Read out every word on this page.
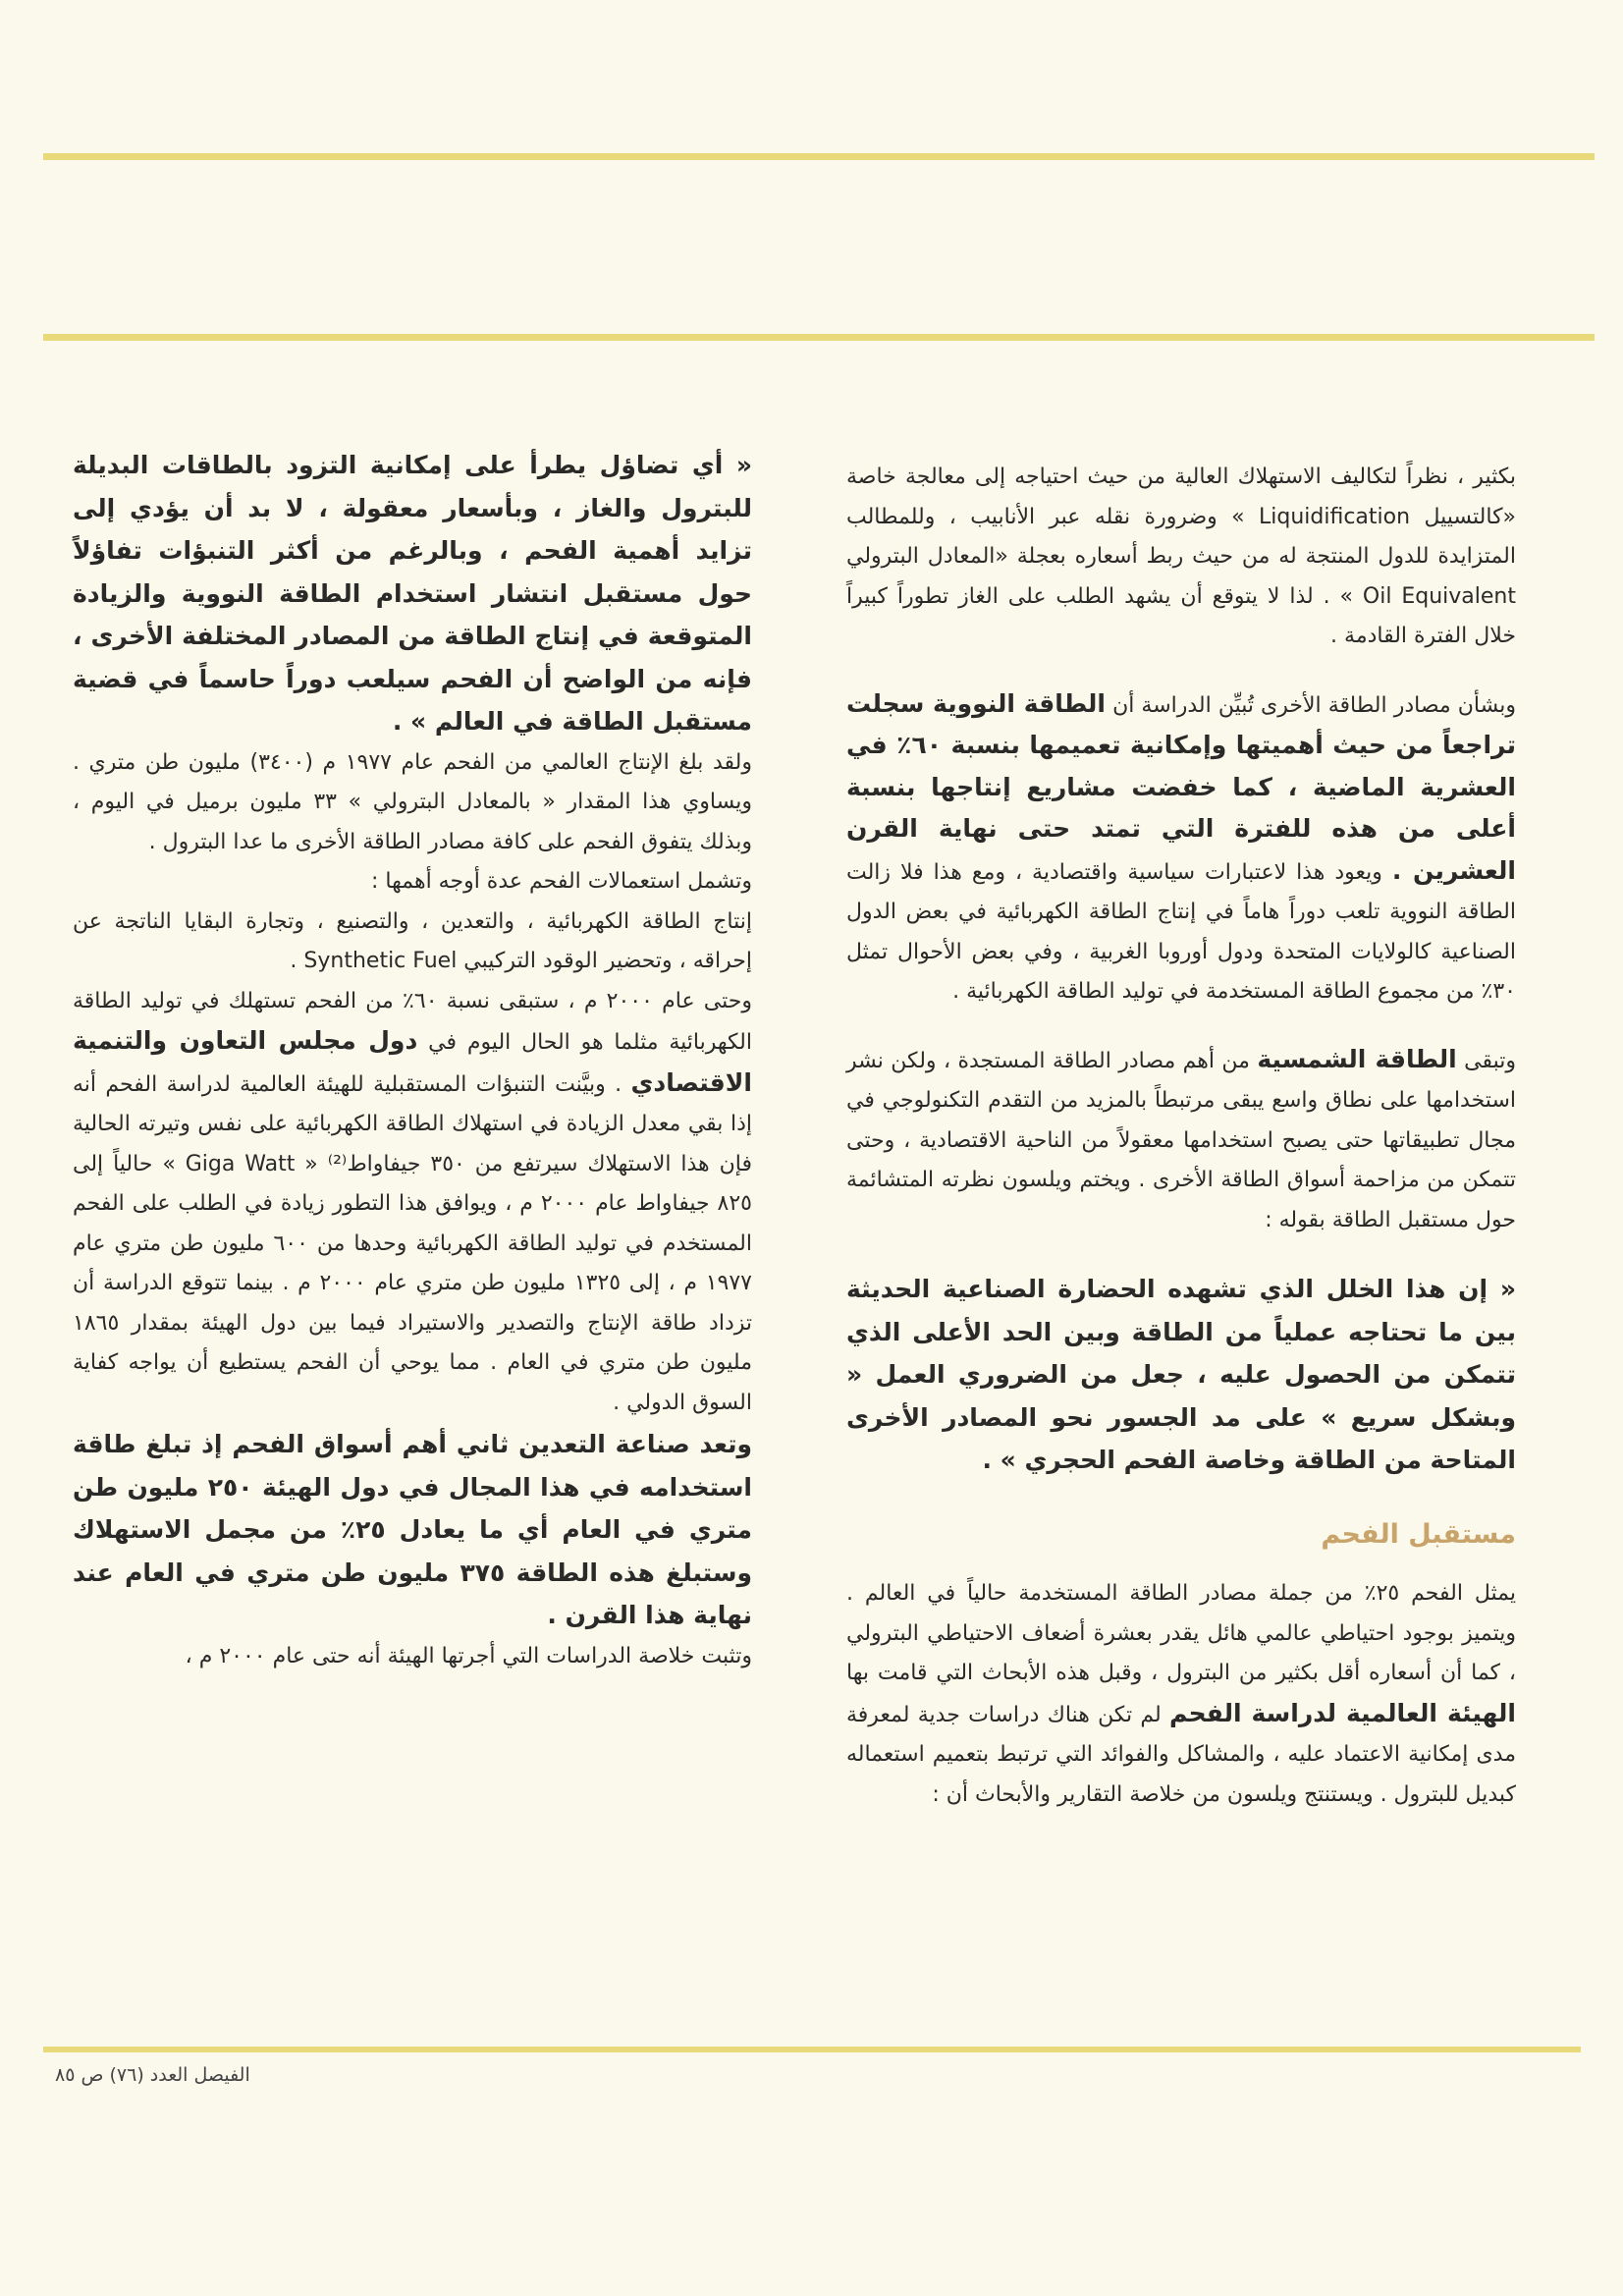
بكثير ، نظراً لتكاليف الاستهلاك العالية من حيث احتياجه إلى معالجة خاصة «كالتسييل Liquidification » وضرورة نقله عبر الأنابيب ، وللمطالب المتزايدة للدول المنتجة له من حيث ربط أسعاره بعجلة «المعادل البترولي Oil Equivalent » . لذا لا يتوقع أن يشهد الطلب على الغاز تطوراً كبيراً خلال الفترة القادمة .

وبشأن مصادر الطاقة الأخرى تُبيِّن الدراسة أن الطاقة النووية سجلت تراجعاً من حيث أهميتها وإمكانية تعميمها بنسبة ٦٠٪ في العشرية الماضية ، كما خفضت مشاريع إنتاجها بنسبة أعلى من هذه للفترة التي تمتد حتى نهاية القرن العشرين . ويعود هذا لاعتبارات سياسية واقتصادية ، ومع هذا فلا زالت الطاقة النووية تلعب دوراً هاماً في إنتاج الطاقة الكهربائية في بعض الدول الصناعية كالولايات المتحدة ودول أوروبا الغربية ، وفي بعض الأحوال تمثل ٣٠٪ من مجموع الطاقة المستخدمة في توليد الطاقة الكهربائية .

وتبقى الطاقة الشمسية من أهم مصادر الطاقة المستجدة ، ولكن نشر استخدامها على نطاق واسع يبقى مرتبطاً بالمزيد من التقدم التكنولوجي في مجال تطبيقاتها حتى يصبح استخدامها معقولاً من الناحية الاقتصادية ، وحتى تتمكن من مزاحمة أسواق الطاقة الأخرى . ويختم ويلسون نظرته المتشائمة حول مستقبل الطاقة بقوله :

« إن هذا الخلل الذي تشهده الحضارة الصناعية الحديثة بين ما تحتاجه عملياً من الطاقة وبين الحد الأعلى الذي تتمكن من الحصول عليه ، جعل من الضروري العمل « وبشكل سريع » على مد الجسور نحو المصادر الأخرى المتاحة من الطاقة وخاصة الفحم الحجري » .

مستقبل الفحم

يمثل الفحم ٢٥٪ من جملة مصادر الطاقة المستخدمة حالياً في العالم . ويتميز بوجود احتياطي عالمي هائل يقدر بعشرة أضعاف الاحتياطي البترولي ، كما أن أسعاره أقل بكثير من البترول ، وقبل هذه الأبحاث التي قامت بها الهيئة العالمية لدراسة الفحم لم تكن هناك دراسات جدية لمعرفة مدى إمكانية الاعتماد عليه ، والمشاكل والفوائد التي ترتبط بتعميم استعماله كبديل للبترول . ويستنتج ويلسون من خلاصة التقارير والأبحاث أن :

« أي تضاؤل يطرأ على إمكانية التزود بالطاقات البديلة للبترول والغاز ، وبأسعار معقولة ، لا بد أن يؤدي إلى تزايد أهمية الفحم ، وبالرغم من أكثر التنبؤات تفاؤلاً حول مستقبل انتشار استخدام الطاقة النووية والزيادة المتوقعة في إنتاج الطاقة من المصادر المختلفة الأخرى ، فإنه من الواضح أن الفحم سيلعب دوراً حاسماً في قضية مستقبل الطاقة في العالم » .

ولقد بلغ الإنتاج العالمي من الفحم عام ١٩٧٧ م (٣٤٠٠) مليون طن متري . ويساوي هذا المقدار « بالمعادل البترولي » ٣٣ مليون برميل في اليوم ، وبذلك يتفوق الفحم على كافة مصادر الطاقة الأخرى ما عدا البترول .

وتشمل استعمالات الفحم عدة أوجه أهمها :

إنتاج الطاقة الكهربائية ، والتعدين ، والتصنيع ، وتجارة البقايا الناتجة عن إحراقه ، وتحضير الوقود التركيبي Synthetic Fuel .

وحتى عام ٢٠٠٠ م ، ستبقى نسبة ٦٠٪ من الفحم تستهلك في توليد الطاقة الكهربائية مثلما هو الحال اليوم في دول مجلس التعاون والتنمية الاقتصادي . وبيَّنت التنبؤات المستقبلية للهيئة العالمية لدراسة الفحم أنه إذا بقي معدل الزيادة في استهلاك الطاقة الكهربائية على نفس وتيرته الحالية فإن هذا الاستهلاك سيرتفع من ٣٥٠ جيفاواط⁽²⁾ « Giga Watt » حالياً إلى ٨٢٥ جيفاواط عام ٢٠٠٠ م ، ويوافق هذا التطور زيادة في الطلب على الفحم المستخدم في توليد الطاقة الكهربائية وحدها من ٦٠٠ مليون طن متري عام ١٩٧٧ م ، إلى ١٣٢٥ مليون طن متري عام ٢٠٠٠ م . بينما تتوقع الدراسة أن تزداد طاقة الإنتاج والتصدير والاستيراد فيما بين دول الهيئة بمقدار ١٨٦٥ مليون طن متري في العام . مما يوحي أن الفحم يستطيع أن يواجه كفاية السوق الدولي .

وتعد صناعة التعدين ثاني أهم أسواق الفحم إذ تبلغ طاقة استخدامه في هذا المجال في دول الهيئة ٢٥٠ مليون طن متري في العام أي ما يعادل ٢٥٪ من مجمل الاستهلاك وستبلغ هذه الطاقة ٣٧٥ مليون طن متري في العام عند نهاية هذا القرن .

وتثبت خلاصة الدراسات التي أجرتها الهيئة أنه حتى عام ٢٠٠٠ م ،

الفيصل العدد (٧٦) ص ٨٥
